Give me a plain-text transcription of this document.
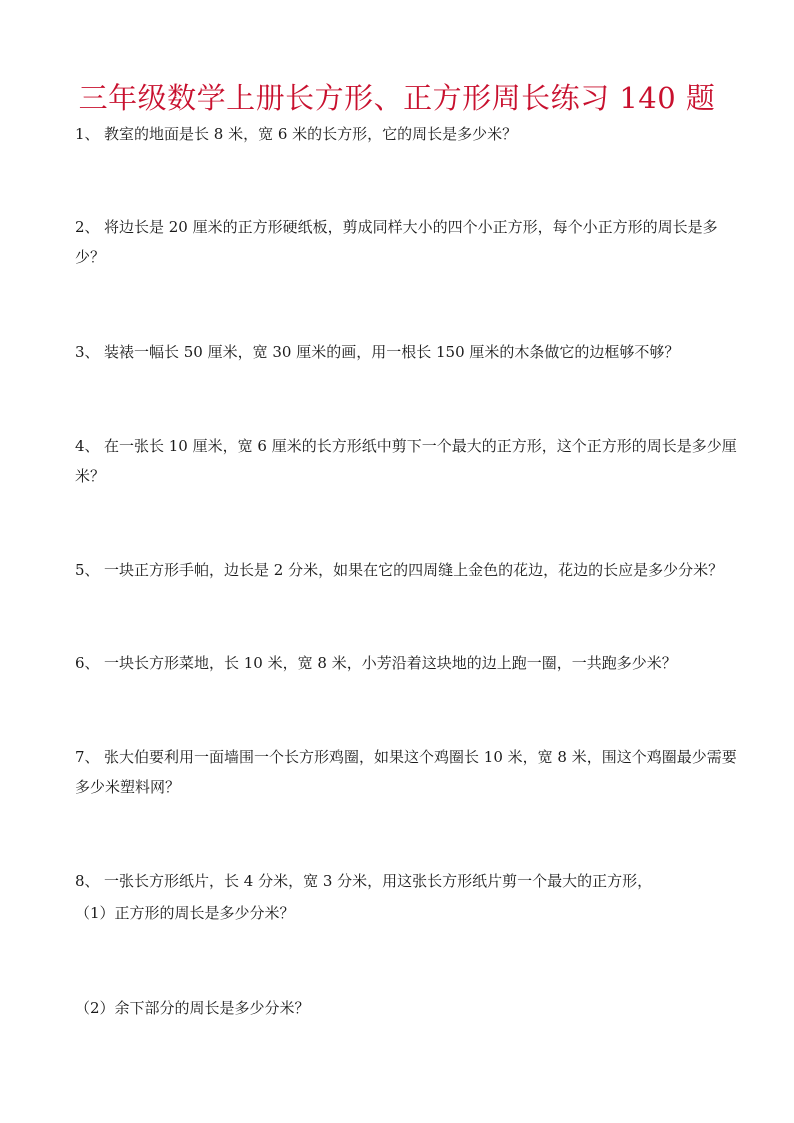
三年级数学上册长方形、正方形周长练习 140 题
1、 教室的地面是长 8 米，宽 6 米的长方形，它的周长是多少米？
2、 将边长是 20 厘米的正方形硬纸板，剪成同样大小的四个小正方形，每个小正方形的周长是多少？
3、 装裱一幅长 50 厘米，宽 30 厘米的画，用一根长 150 厘米的木条做它的边框够不够？
4、 在一张长 10 厘米，宽 6 厘米的长方形纸中剪下一个最大的正方形，这个正方形的周长是多少厘米？
5、 一块正方形手帕，边长是 2 分米，如果在它的四周缝上金色的花边，花边的长应是多少分米？
6、 一块长方形菜地，长 10 米，宽 8 米，小芳沿着这块地的边上跑一圈，一共跑多少米？
7、 张大伯要利用一面墙围一个长方形鸡圈，如果这个鸡圈长 10 米，宽 8 米，围这个鸡圈最少需要多少米塑料网？
8、 一张长方形纸片，长 4 分米，宽 3 分米，用这张长方形纸片剪一个最大的正方形，
（1）正方形的周长是多少分米？
（2）余下部分的周长是多少分米？
